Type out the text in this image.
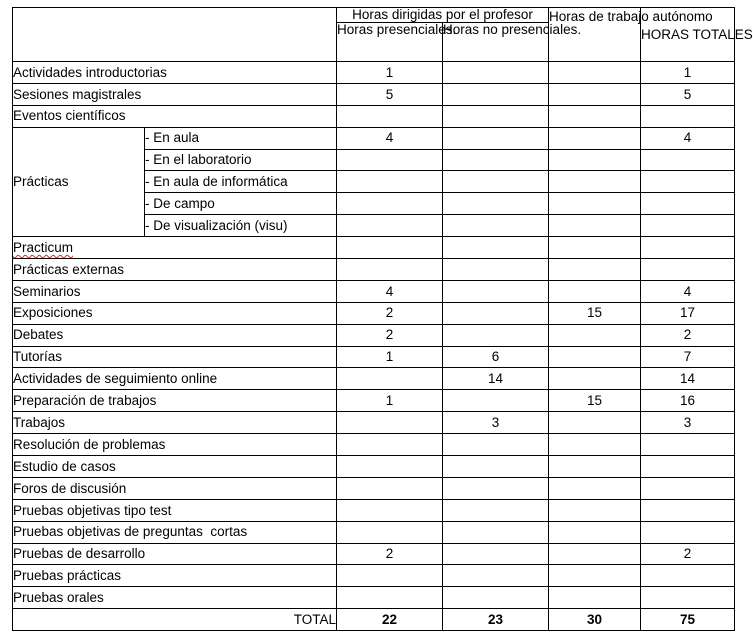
		Horas dirigidas por el profesor		Horas de trabajo autónomo	HORAS TOTALES
		Horas presenciales.	Horas no presenciales.		
Actividades introductorias		1			1
Sesiones magistrales		5			5
Eventos científicos					
Prácticas	- En aula	4			4
	- En el laboratorio				
	- En aula de informática				
	- De campo				
	- De visualización (visu)				
Practicum					
Prácticas externas					
Seminarios		4			4
Exposiciones		2		15	17
Debates		2			2
Tutorías		1	6		7
Actividades de seguimiento online			14		14
Preparación de trabajos		1		15	16
Trabajos			3		3
Resolución de problemas					
Estudio de casos					
Foros de discusión					
Pruebas objetivas tipo test					
Pruebas objetivas de preguntas  cortas					
Pruebas de desarrollo		2			2
Pruebas prácticas					
Pruebas orales					
TOTAL		22	23	30	75
